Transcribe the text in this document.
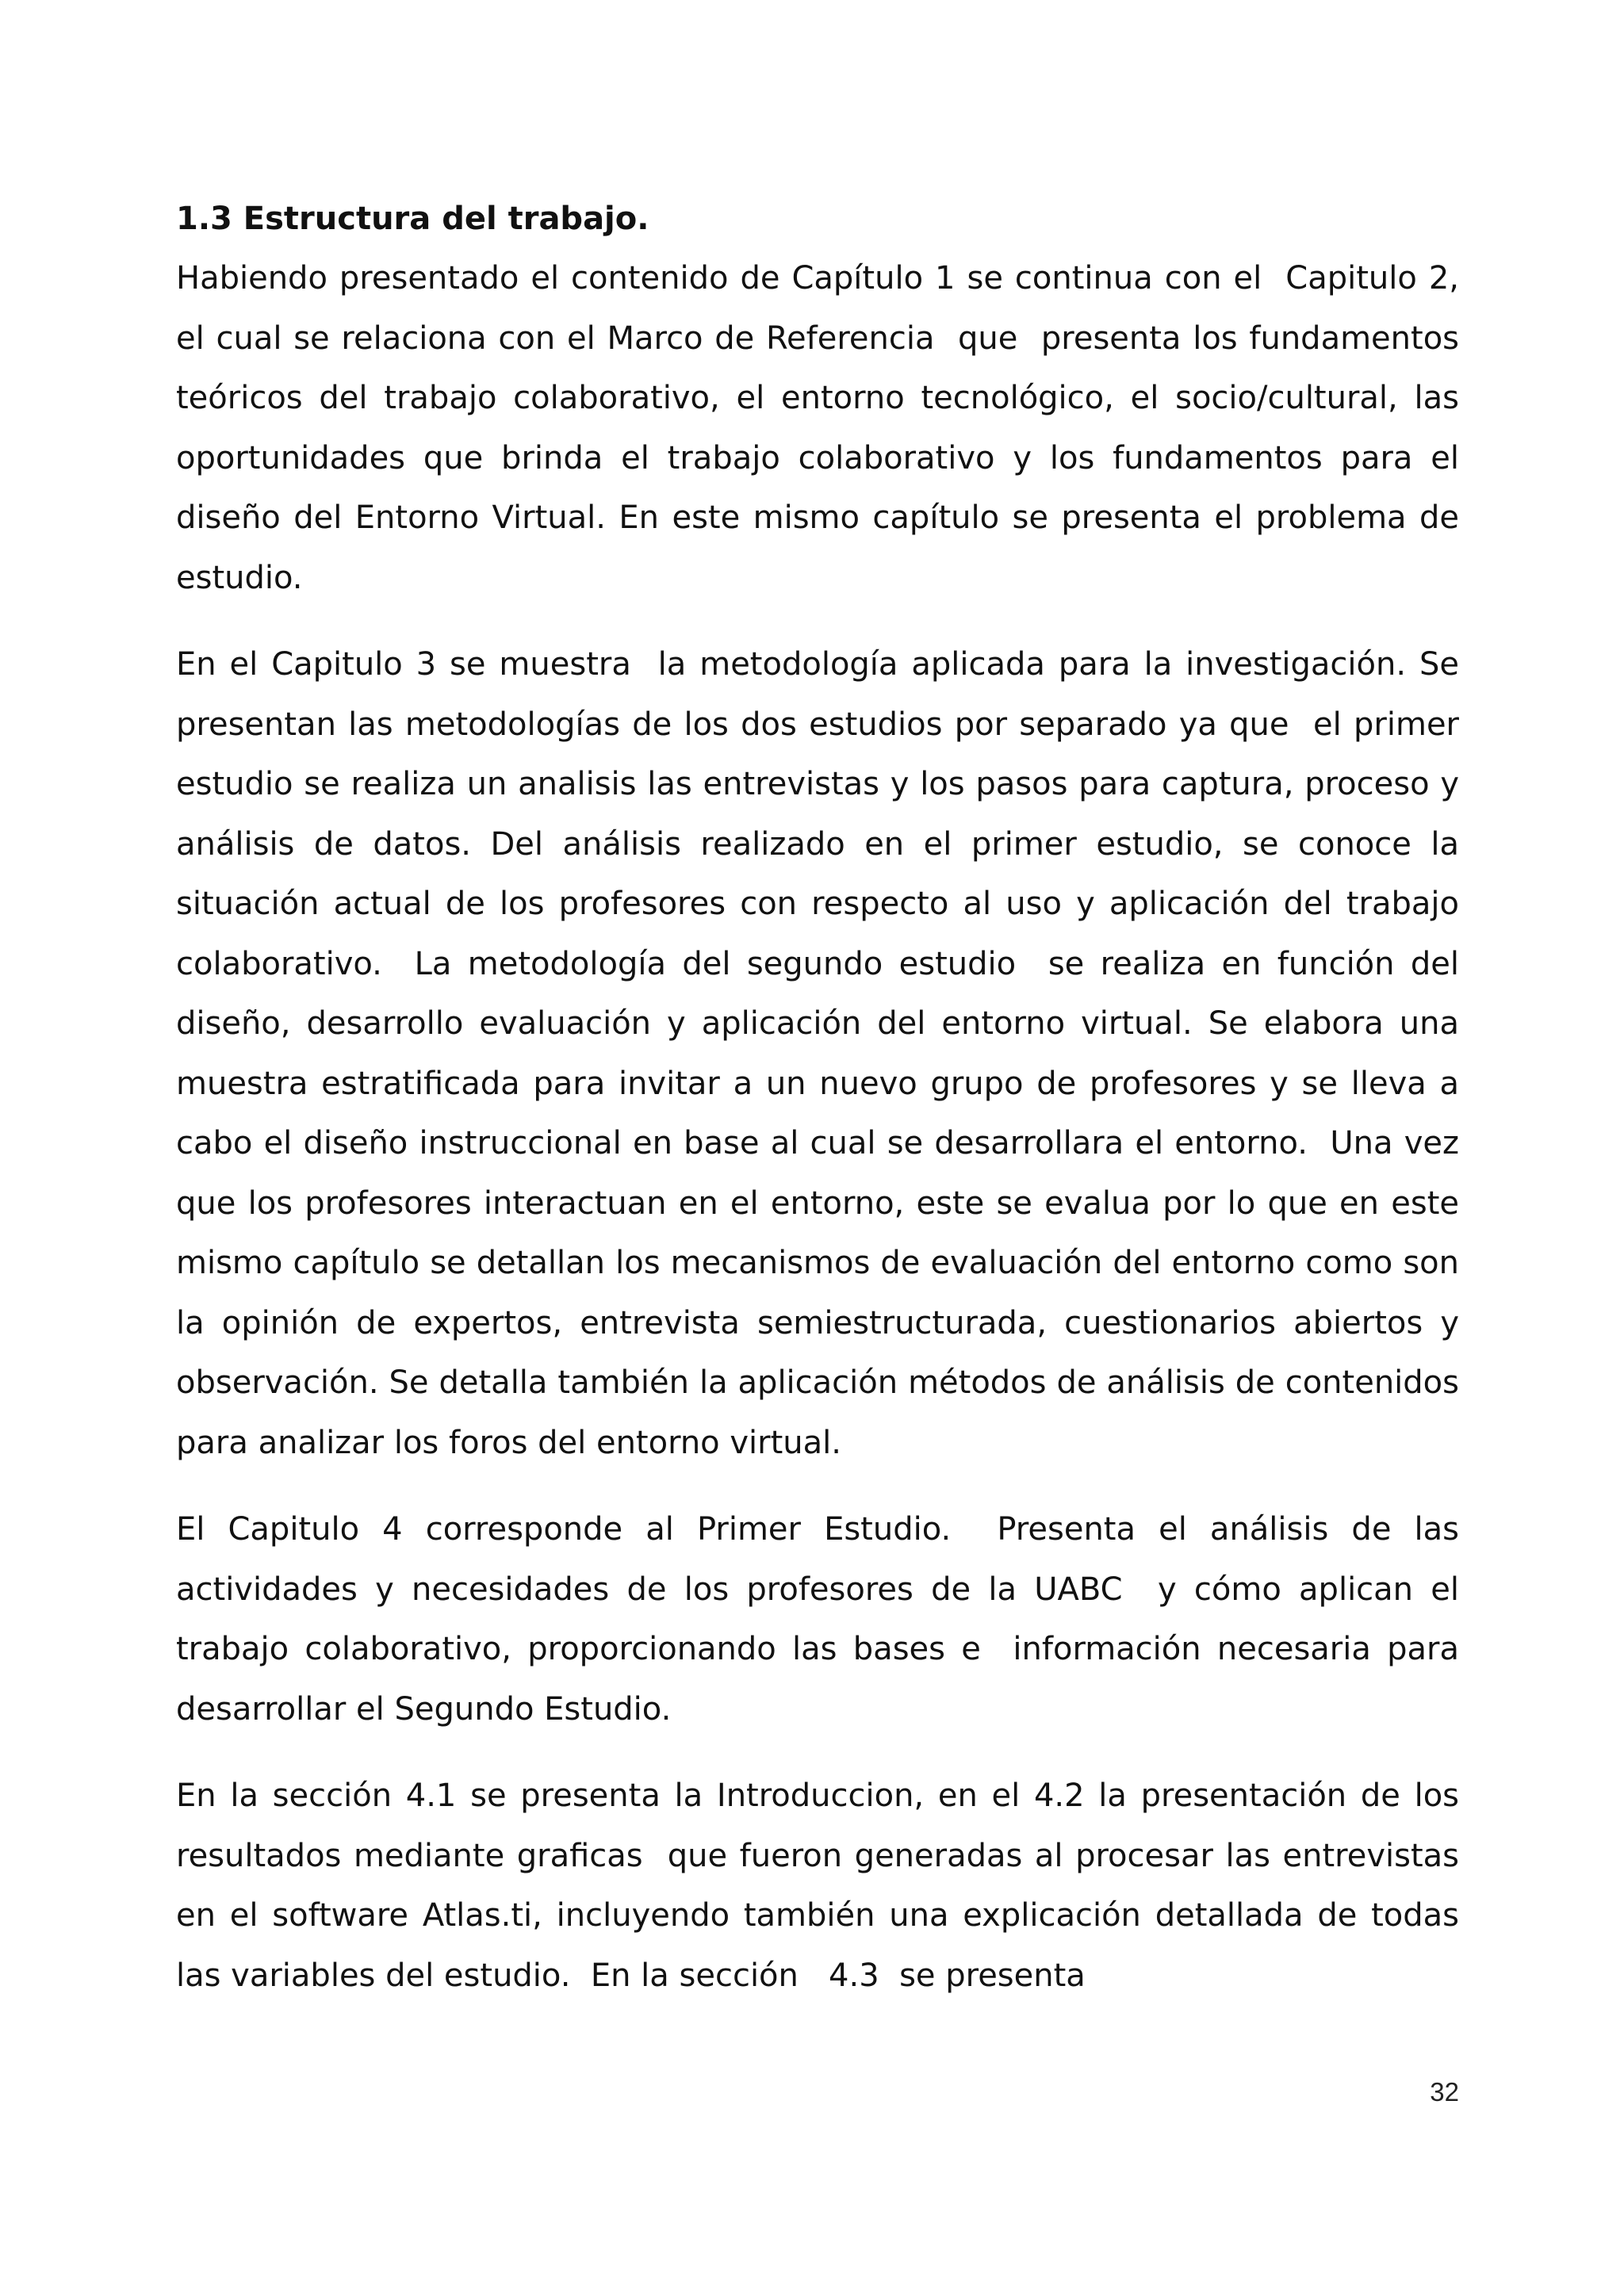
1.3 Estructura del trabajo.

Habiendo presentado el contenido de Capítulo 1 se continua con el  Capitulo 2, el cual se relaciona con el Marco de Referencia  que  presenta los fundamentos teóricos del trabajo colaborativo, el entorno tecnológico, el socio/cultural, las oportunidades que brinda el trabajo colaborativo y los fundamentos para el diseño del Entorno Virtual. En este mismo capítulo se presenta el problema de estudio.

En el Capitulo 3 se muestra  la metodología aplicada para la investigación. Se presentan las metodologías de los dos estudios por separado ya que  el primer estudio se realiza un analisis las entrevistas y los pasos para captura, proceso y análisis de datos. Del análisis realizado en el primer estudio, se conoce la situación actual de los profesores con respecto al uso y aplicación del trabajo colaborativo.  La metodología del segundo estudio  se realiza en función del diseño, desarrollo evaluación y aplicación del entorno virtual. Se elabora una muestra estratificada para invitar a un nuevo grupo de profesores y se lleva a cabo el diseño instruccional en base al cual se desarrollara el entorno.  Una vez que los profesores interactuan en el entorno, este se evalua por lo que en este mismo capítulo se detallan los mecanismos de evaluación del entorno como son la opinión de expertos, entrevista semiestructurada, cuestionarios abiertos y observación. Se detalla también la aplicación métodos de análisis de contenidos para analizar los foros del entorno virtual.

El Capitulo 4 corresponde al Primer Estudio.  Presenta el análisis de las actividades y necesidades de los profesores de la UABC  y cómo aplican el trabajo colaborativo, proporcionando las bases e  información necesaria para desarrollar el Segundo Estudio.

En la sección 4.1 se presenta la Introduccion, en el 4.2 la presentación de los resultados mediante graficas  que fueron generadas al procesar las entrevistas en el software Atlas.ti, incluyendo también una explicación detallada de todas las variables del estudio.  En la sección   4.3  se presenta

32
